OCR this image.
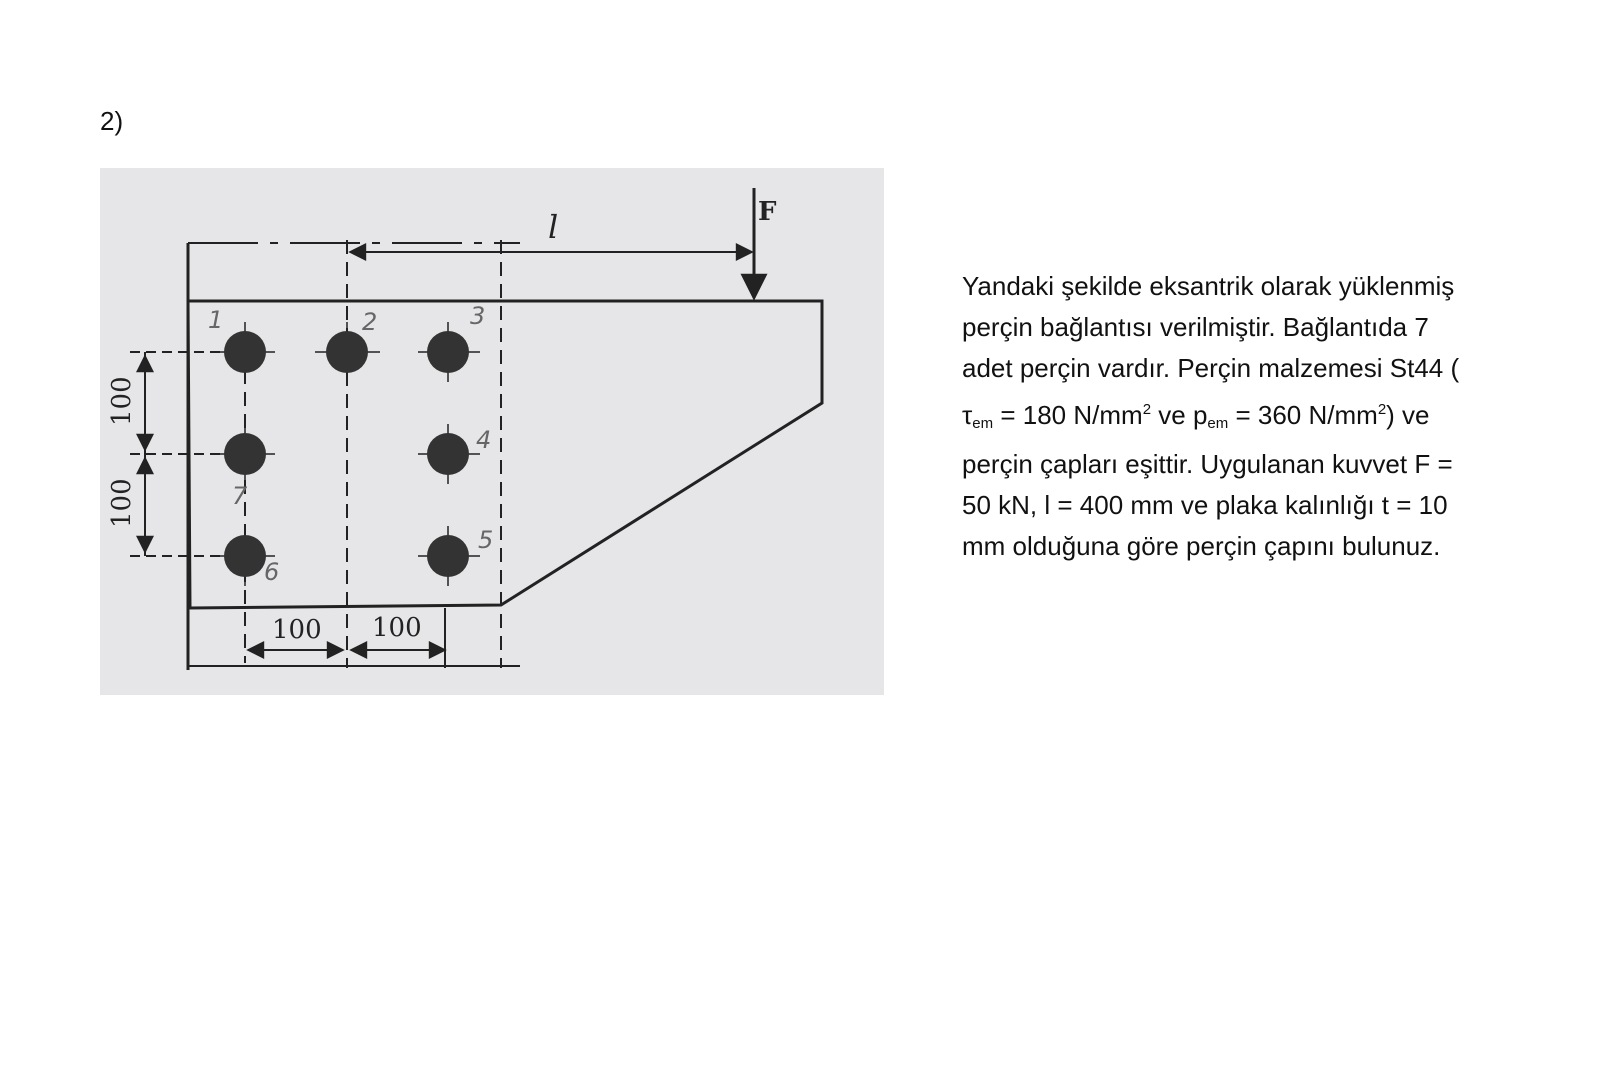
2)
1	2	3
4
5
6
7
F
l
100
100
100 100

Yandaki şekilde eksantrik olarak yüklenmiş

perçin bağlantısı verilmiştir. Bağlantıda 7

adet perçin vardır. Perçin malzemesi St44 (

$\tau_{em} = 180$ $N/mm^2$ ve $p_{em} = 360$ $N/mm^2$) ve

perçin çapları eşittir. Uygulanan kuvvet F =

50 kN, l = 400 mm ve plaka kalınlığı t = 10

mm olduğuna göre perçin çapını bulunuz.
